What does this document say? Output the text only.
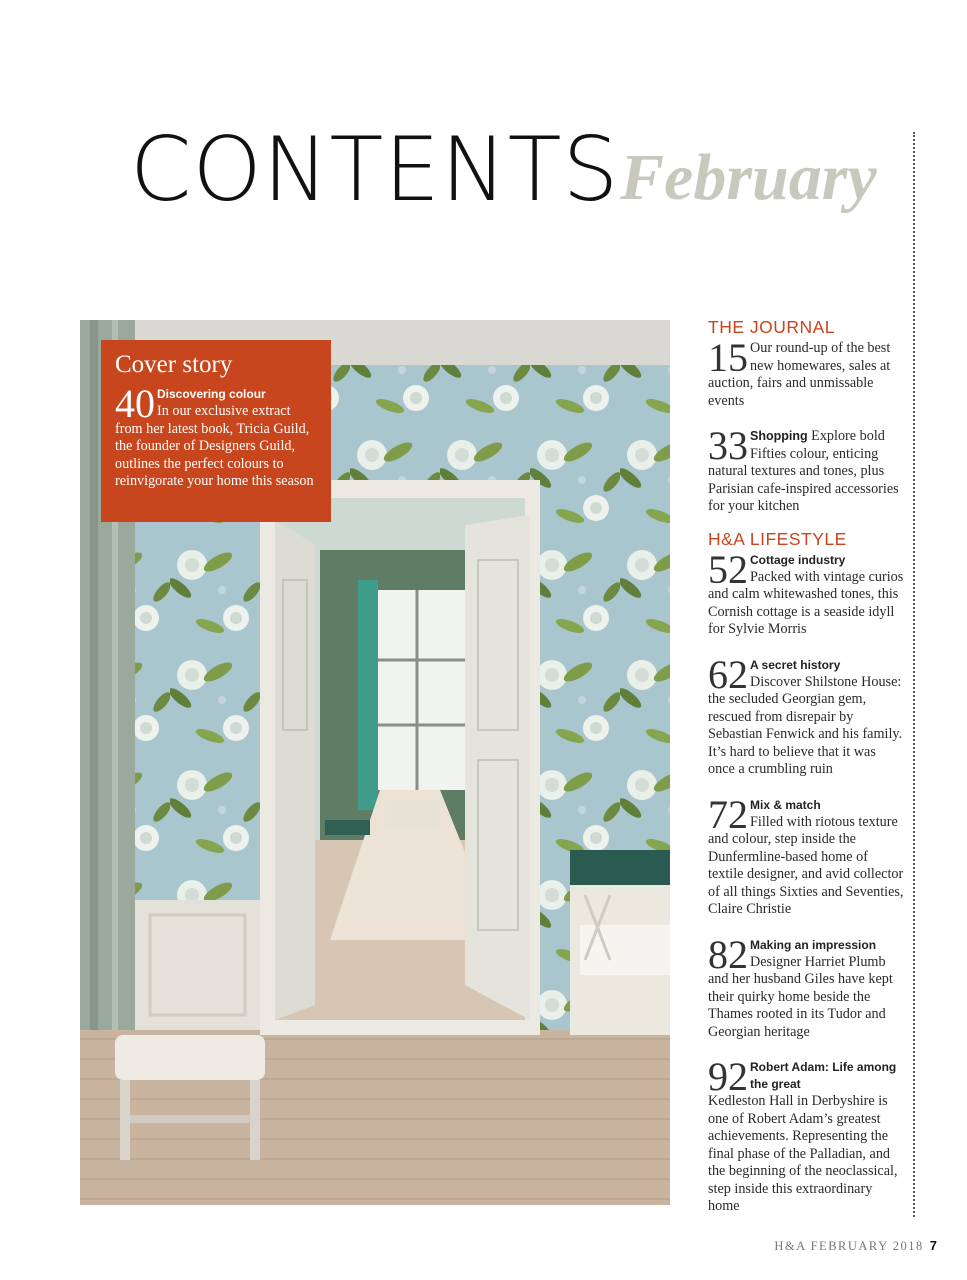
CONTENTS February
Cover story
40 Discovering colour
In our exclusive extract from her latest book, Tricia Guild, the founder of Designers Guild, outlines the perfect colours to reinvigorate your home this season
THE JOURNAL
15 Our round-up of the best new homewares, sales at auction, fairs and unmissable events
33 Shopping Explore bold Fifties colour, enticing natural textures and tones, plus Parisian cafe-inspired accessories for your kitchen
H&A LIFESTYLE
52 Cottage industry
Packed with vintage curios and calm whitewashed tones, this Cornish cottage is a seaside idyll for Sylvie Morris
62 A secret history
Discover Shilstone House: the secluded Georgian gem, rescued from disrepair by Sebastian Fenwick and his family. It’s hard to believe that it was once a crumbling ruin
72 Mix & match
Filled with riotous texture and colour, step inside the Dunfermline-based home of textile designer, and avid collector of all things Sixties and Seventies, Claire Christie
82 Making an impression
Designer Harriet Plumb and her husband Giles have kept their quirky home beside the Thames rooted in its Tudor and Georgian heritage
92 Robert Adam: Life among the great
Kedleston Hall in Derbyshire is one of Robert Adam’s greatest achievements. Representing the final phase of the Palladian, and the beginning of the neoclassical, step inside this extraordinary home
H&A FEBRUARY 2018 7
